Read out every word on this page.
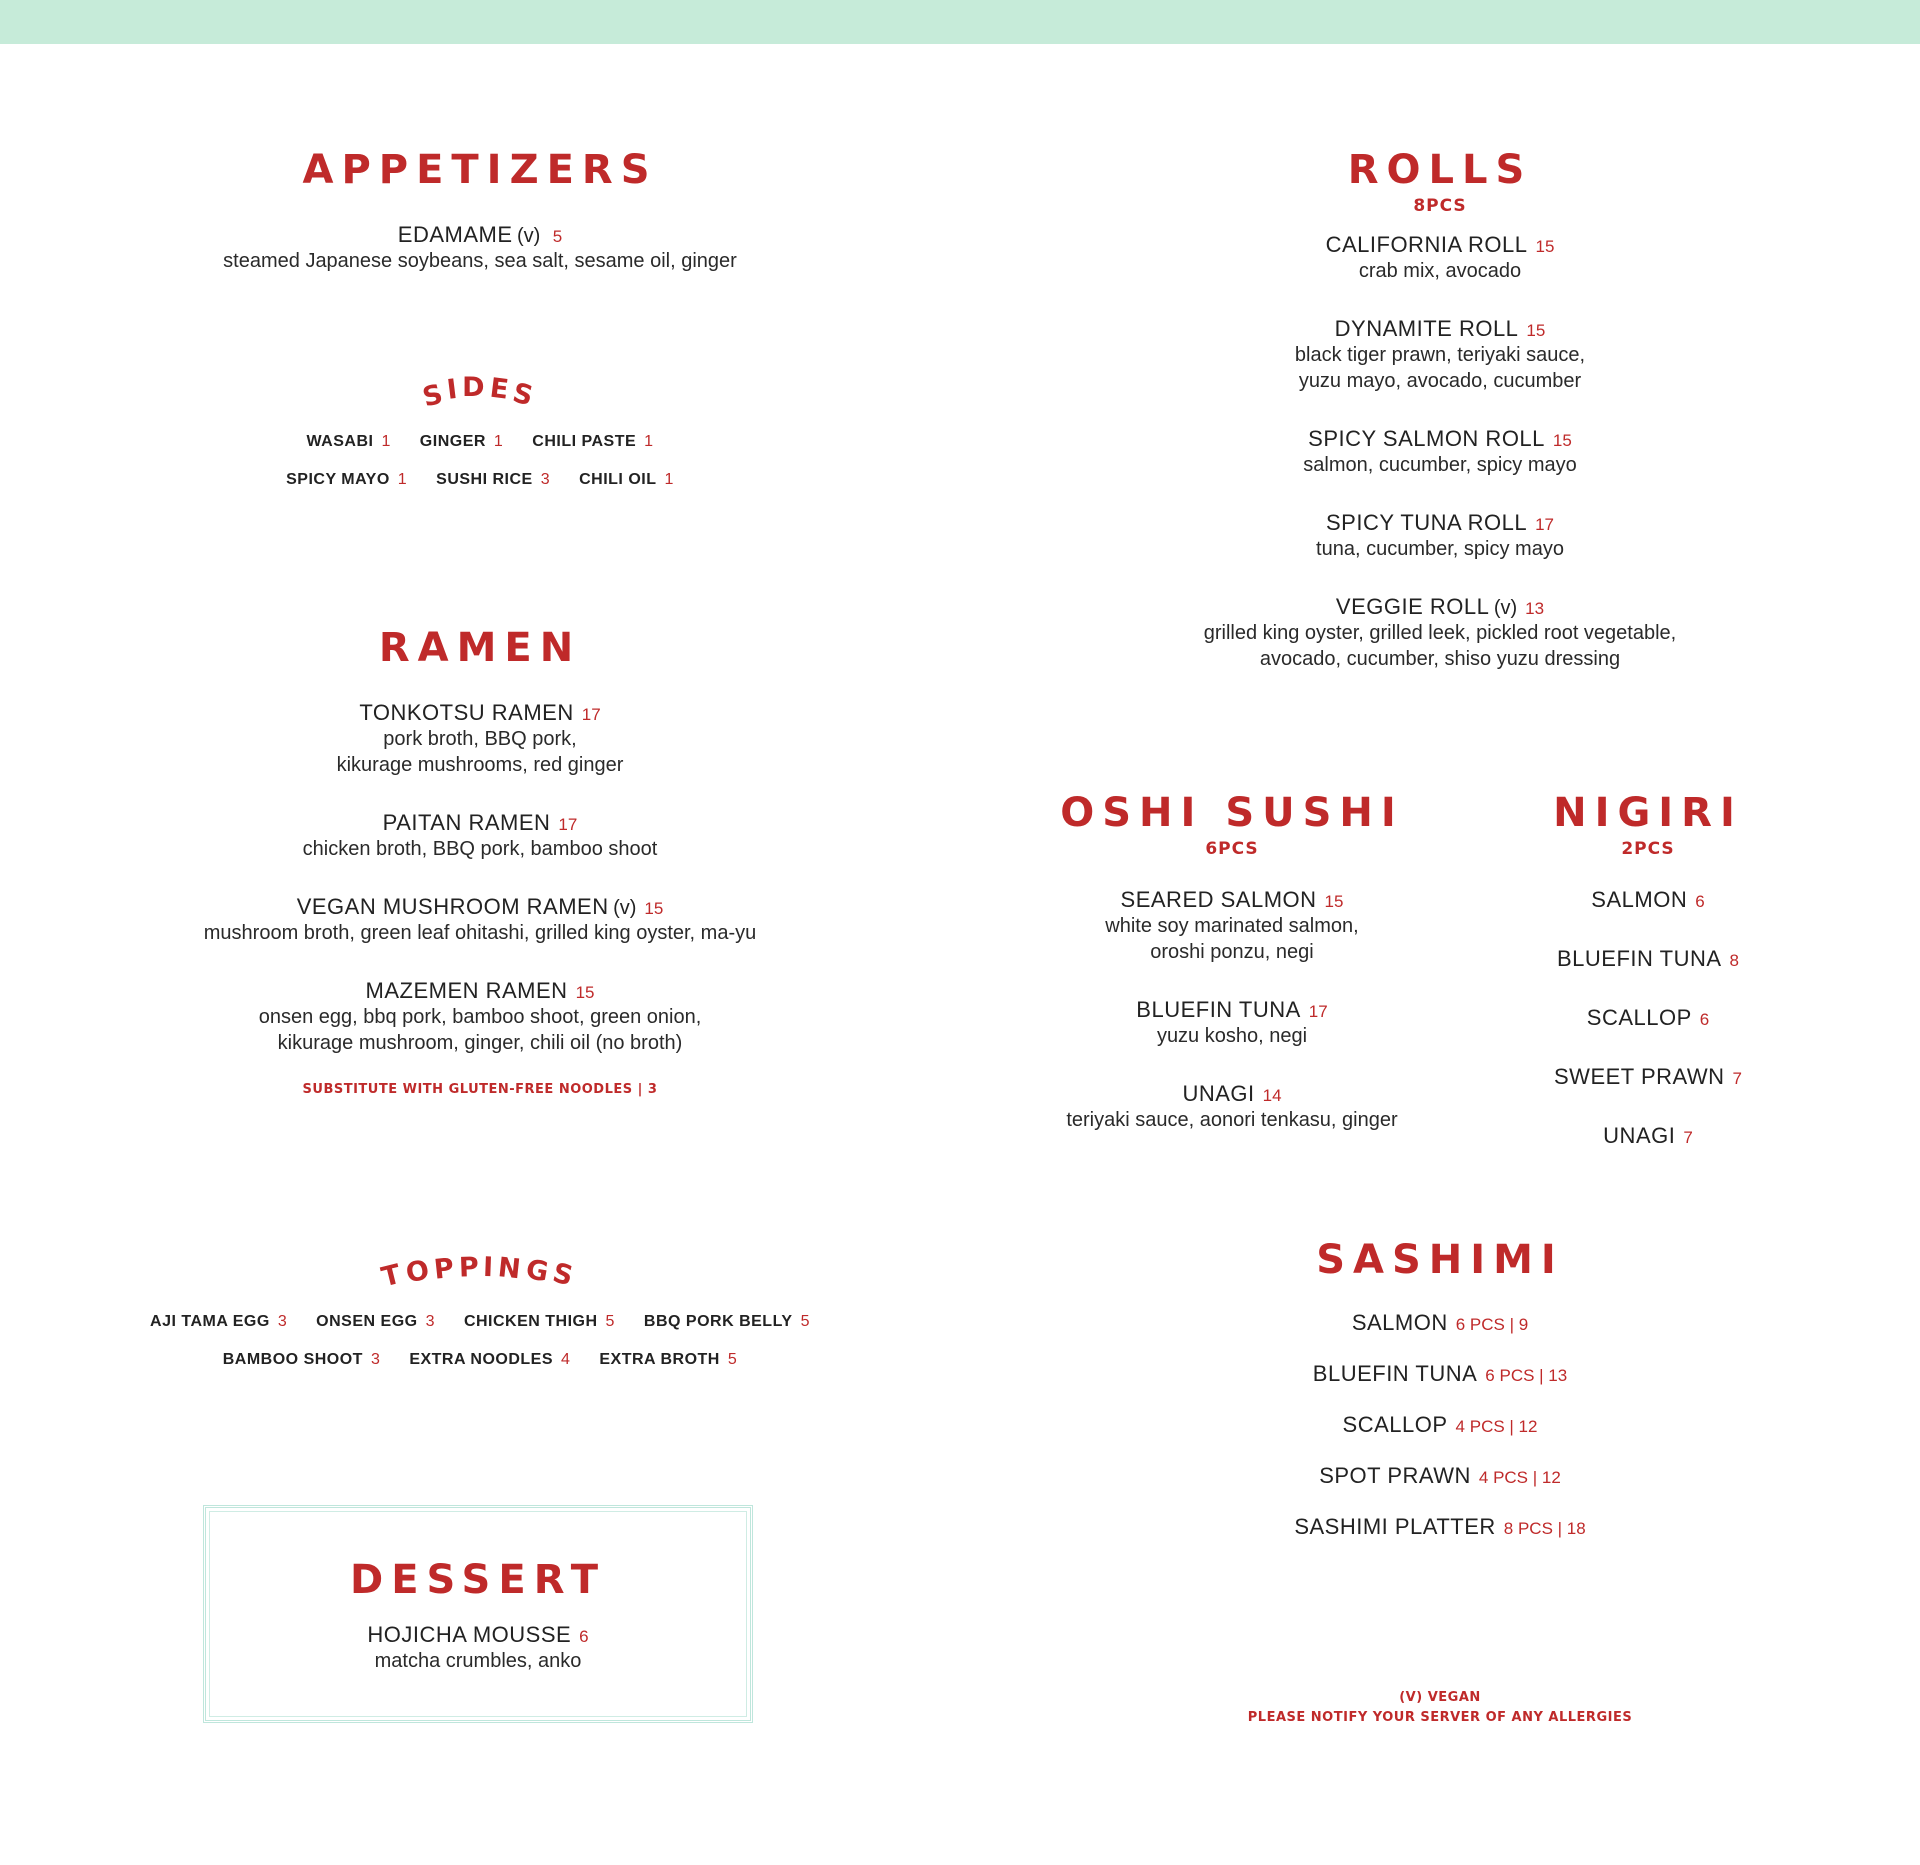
APPETIZERS
EDAMAME (v) 5
steamed Japanese soybeans, sea salt, sesame oil, ginger
SIDES
WASABI 1 GINGER 1 CHILI PASTE 1
SPICY MAYO 1 SUSHI RICE 3 CHILI OIL 1
RAMEN
TONKOTSU RAMEN 17
pork broth, BBQ pork,
kikurage mushrooms, red ginger
PAITAN RAMEN 17
chicken broth, BBQ pork, bamboo shoot
VEGAN MUSHROOM RAMEN (v) 15
mushroom broth, green leaf ohitashi, grilled king oyster, ma-yu
MAZEMEN RAMEN 15
onsen egg, bbq pork, bamboo shoot, green onion,
kikurage mushroom, ginger, chili oil (no broth)
SUBSTITUTE WITH GLUTEN-FREE NOODLES | 3
TOPPINGS
AJI TAMA EGG 3 ONSEN EGG 3 CHICKEN THIGH 5 BBQ PORK BELLY 5
BAMBOO SHOOT 3 EXTRA NOODLES 4 EXTRA BROTH 5
DESSERT
HOJICHA MOUSSE 6
matcha crumbles, anko
ROLLS
8PCS
CALIFORNIA ROLL 15
crab mix, avocado
DYNAMITE ROLL 15
black tiger prawn, teriyaki sauce,
yuzu mayo, avocado, cucumber
SPICY SALMON ROLL 15
salmon, cucumber, spicy mayo
SPICY TUNA ROLL 17
tuna, cucumber, spicy mayo
VEGGIE ROLL (v) 13
grilled king oyster, grilled leek, pickled root vegetable,
avocado, cucumber, shiso yuzu dressing
OSHI SUSHI
6PCS
SEARED SALMON 15
white soy marinated salmon,
oroshi ponzu, negi
BLUEFIN TUNA 17
yuzu kosho, negi
UNAGI 14
teriyaki sauce, aonori tenkasu, ginger
NIGIRI
2PCS
SALMON 6
BLUEFIN TUNA 8
SCALLOP 6
SWEET PRAWN 7
UNAGI 7
SASHIMI
SALMON 6 PCS | 9
BLUEFIN TUNA 6 PCS | 13
SCALLOP 4 PCS | 12
SPOT PRAWN 4 PCS | 12
SASHIMI PLATTER 8 PCS | 18
(V) VEGAN
PLEASE NOTIFY YOUR SERVER OF ANY ALLERGIES
